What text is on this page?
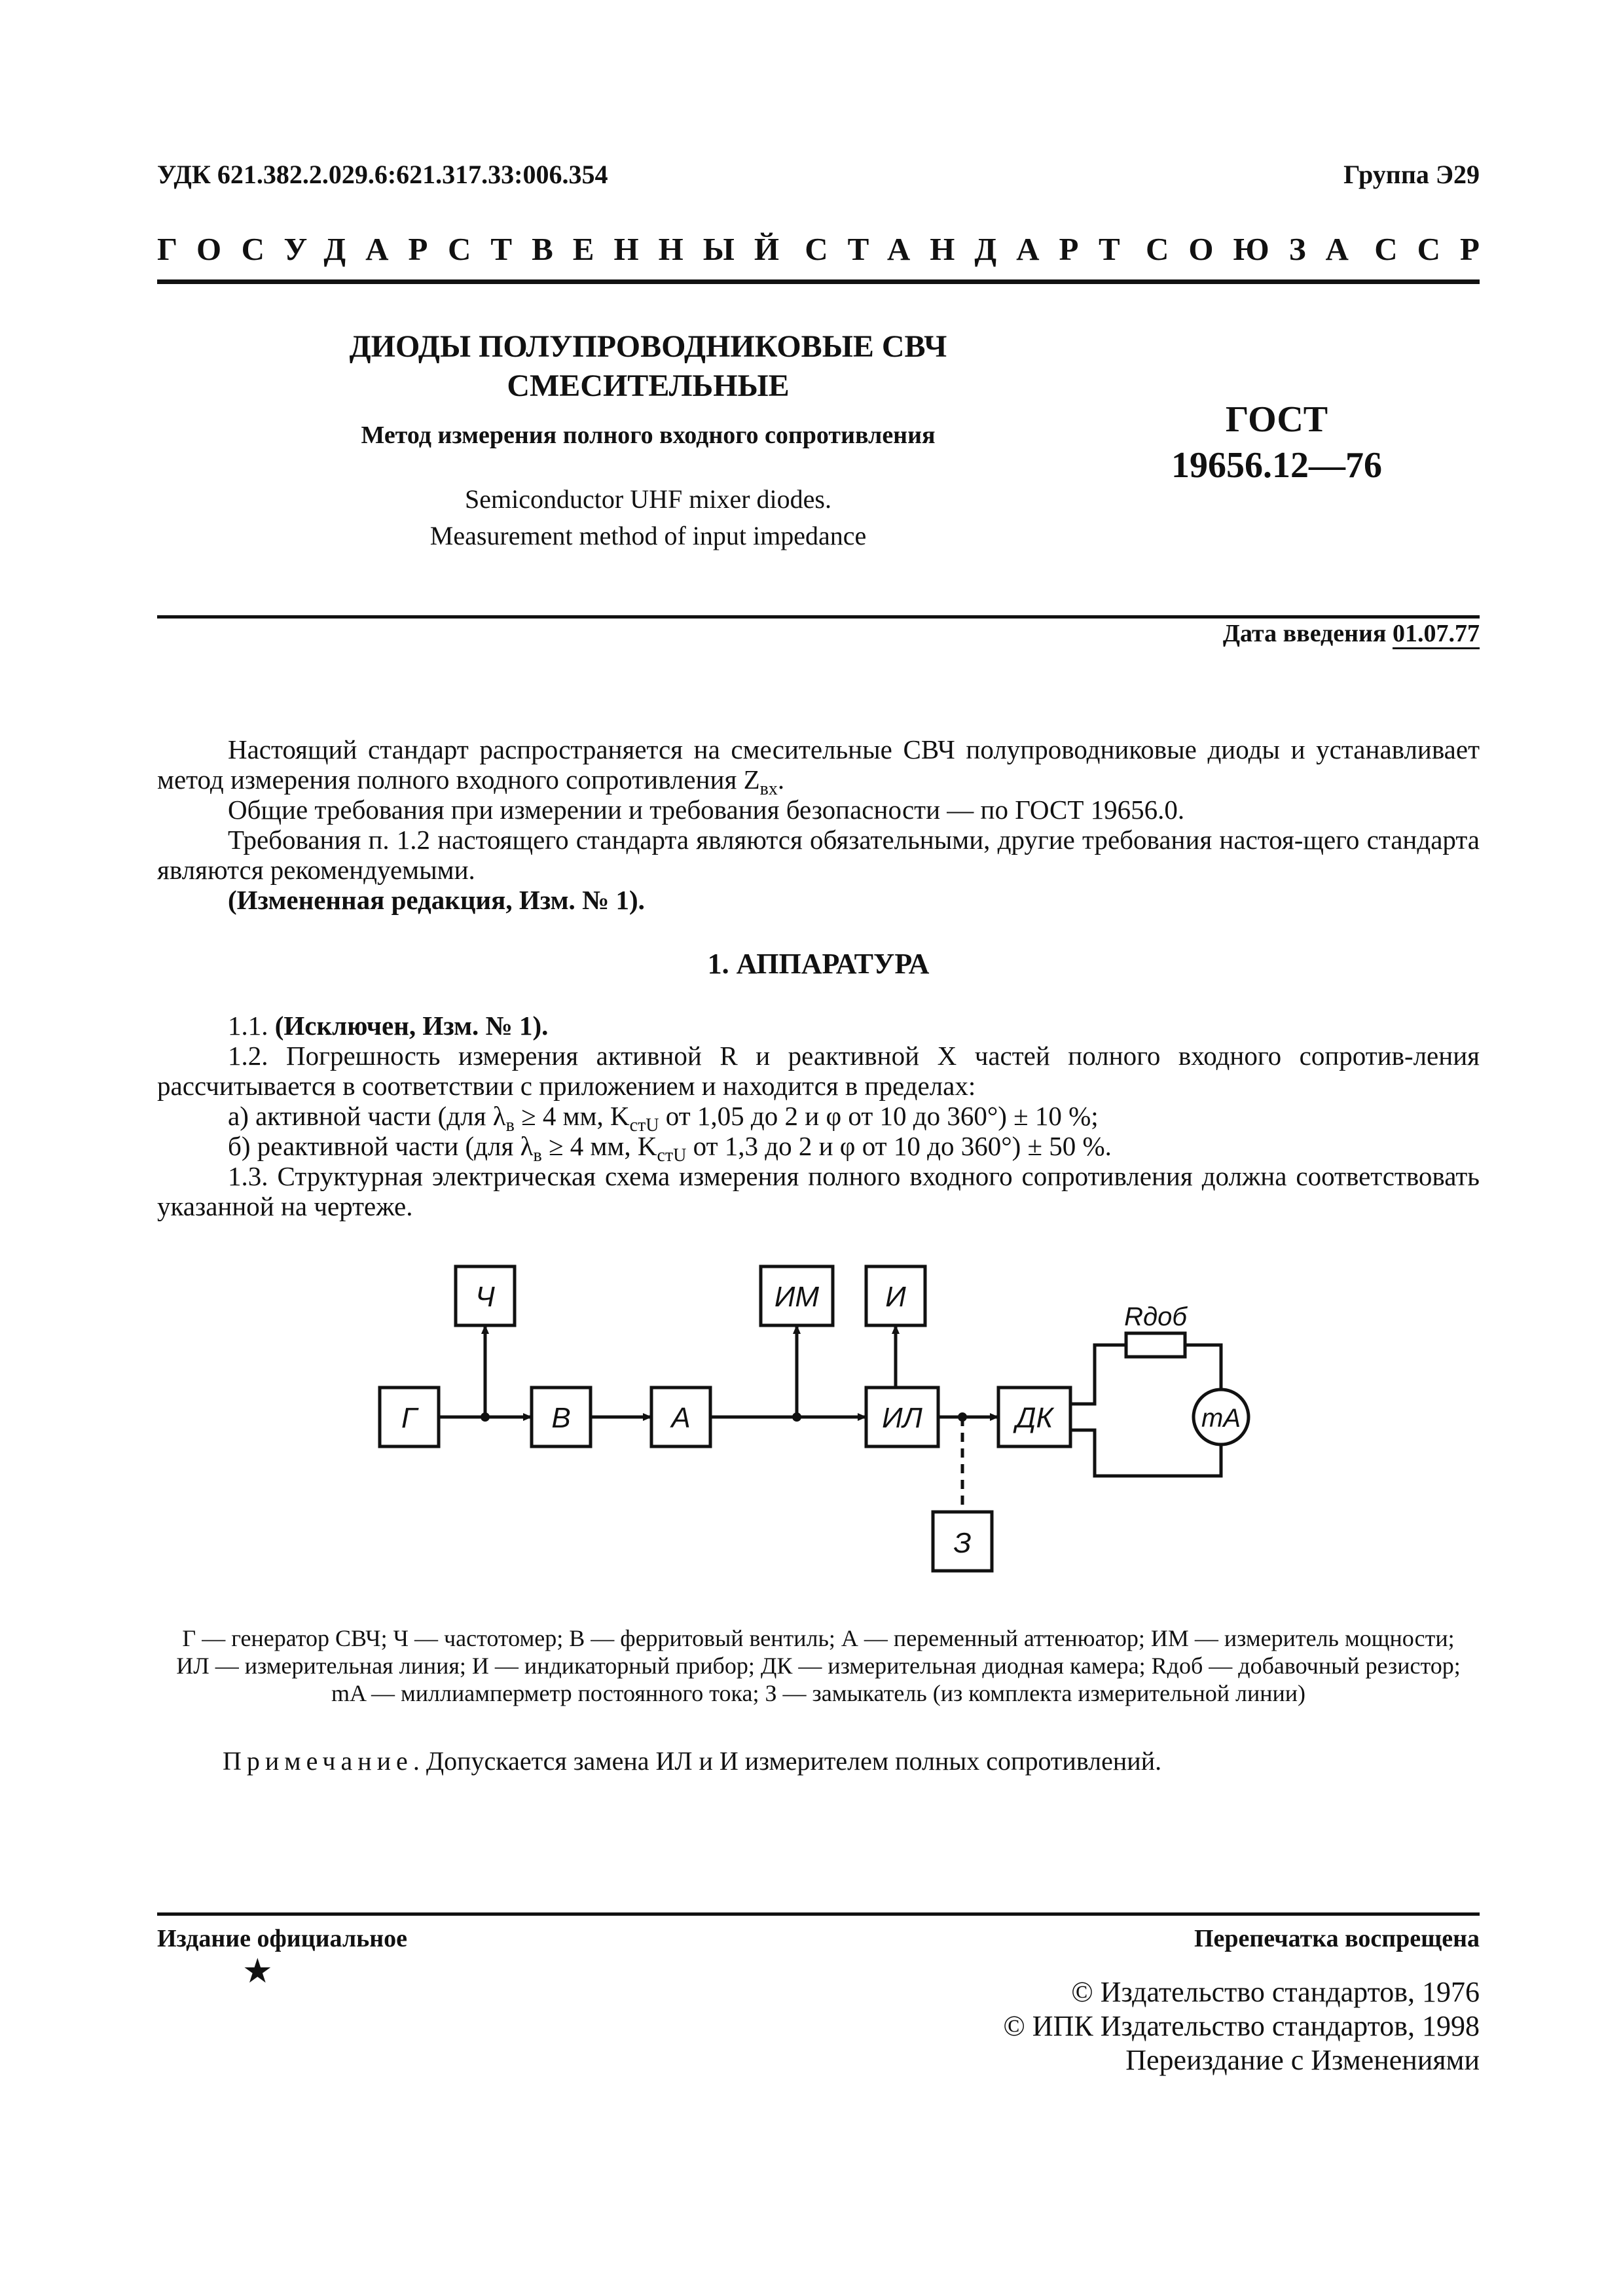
УДК 621.382.2.029.6:621.317.33:006.354	Группа Э29
ГОСУДАРСТВЕННЫЙ СТАНДАРТ СОЮЗА ССР
ДИОДЫ ПОЛУПРОВОДНИКОВЫЕ СВЧ
СМЕСИТЕЛЬНЫЕ
Метод измерения полного входного сопротивления
Semiconductor UHF mixer diodes.
Measurement method of input impedance
ГОСТ
19656.12—76
Дата введения 01.07.77
Настоящий стандарт распространяется на смесительные СВЧ полупроводниковые диоды и устанавливает метод измерения полного входного сопротивления $Z_{вх}$.
Общие требования при измерении и требования безопасности — по ГОСТ 19656.0.
Требования п. 1.2 настоящего стандарта являются обязательными, другие требования настоя-щего стандарта являются рекомендуемыми.
(Измененная редакция, Изм. № 1).
1. АППАРАТУРА
1.1. (Исключен, Изм. № 1).
1.2. Погрешность измерения активной R и реактивной X частей полного входного сопротив-ления рассчитывается в соответствии с приложением и находится в пределах:
а) активной части (для $\lambda_в \ge 4$ мм, $K_{стU}$ от 1,05 до 2 и φ от 10 до 360°) ± 10 %;
б) реактивной части (для $\lambda_в \ge 4$ мм, $K_{стU}$ от 1,3 до 2 и φ от 10 до 360°) ± 50 %.
1.3. Структурная электрическая схема измерения полного входного сопротивления должна соответствовать указанной на чертеже.
Г
Ч
В	А
ИМ И
ИЛ	ДК
З
mA
Rдоб
Г — генератор СВЧ; Ч — частотомер; В — ферритовый вентиль; А — переменный аттенюатор; ИМ — измеритель мощности;
ИЛ — измерительная линия; И — индикаторный прибор; ДК — измерительная диодная камера; Rдоб — добавочный резистор;
mA — миллиамперметр постоянного тока; З — замыкатель (из комплекта измерительной линии)
Примечание. Допускается замена ИЛ и И измерителем полных сопротивлений.
Издание официальное
★
Перепечатка воспрещена
© Издательство стандартов, 1976
© ИПК Издательство стандартов, 1998
Переиздание с Изменениями
